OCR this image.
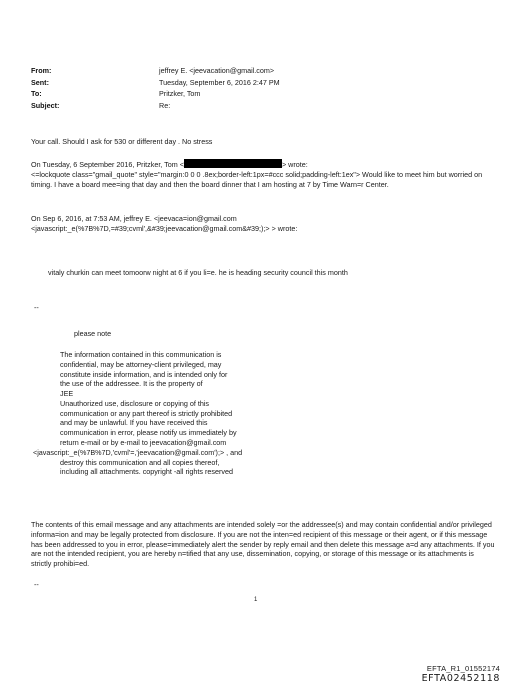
From:	jeffrey E. <jeevacation@gmail.com>
Sent:	Tuesday, September 6, 2016 2:47 PM
To:	Pritzker, Tom
Subject:	Re:

Your call. Should I ask for 530 or different day . No stress

On Tuesday, 6 September 2016, Pritzker, Tom <	> wrote:

<=lockquote class="gmail_quote" style="margin:0 0 0 .8ex;border-left:1px=#ccc solid;padding-left:1ex"> Would like to meet him but worried on timing. I have a board mee=ing that day and then the board dinner that I am hosting at 7 by Time Warn=r Center.

On Sep 6, 2016, at 7:53 AM, jeffrey E. <jeevaca=ion@gmail.com

<javascript:_e(%7B%7D,=#39;cvml',&#39;jeevacation@gmail.com&#39;);> > wrote:

vitaly churkin can meet tomoorw night at 6 if you li=e. he is heading security council this month

--

please note

The information contained in this communication is
confidential, may be attorney-client privileged, may
constitute inside information, and is intended only for
the use of the addressee. It is the property of
JEE
Unauthorized use, disclosure or copying of this
communication or any part thereof is strictly prohibited
and may be unlawful. If you have received this
communication in error, please notify us immediately by
return e-mail or by e-mail to jeevacation@gmail.com
<javascript:_e(%7B%7D,'cvml'=,'jeevacation@gmail.com');> , and
destroy this communication and all copies thereof,
including all attachments. copyright -all rights reserved

The contents of this email message and any attachments are intended solely =or the addressee(s) and may contain confidential and/or privileged informa=ion and may be legally protected from disclosure. If you are not the inten=ed recipient of this message or their agent, or if this message has been addressed to you in error, please=immediately alert the sender by reply email and then delete this message a=d any attachments. If you are not the intended recipient, you are hereby n=tified that any use, dissemination, copying, or storage of this message or its attachments is strictly prohibi=ed.

--

1
EFTA_R1_01552174
EFTA02452118
